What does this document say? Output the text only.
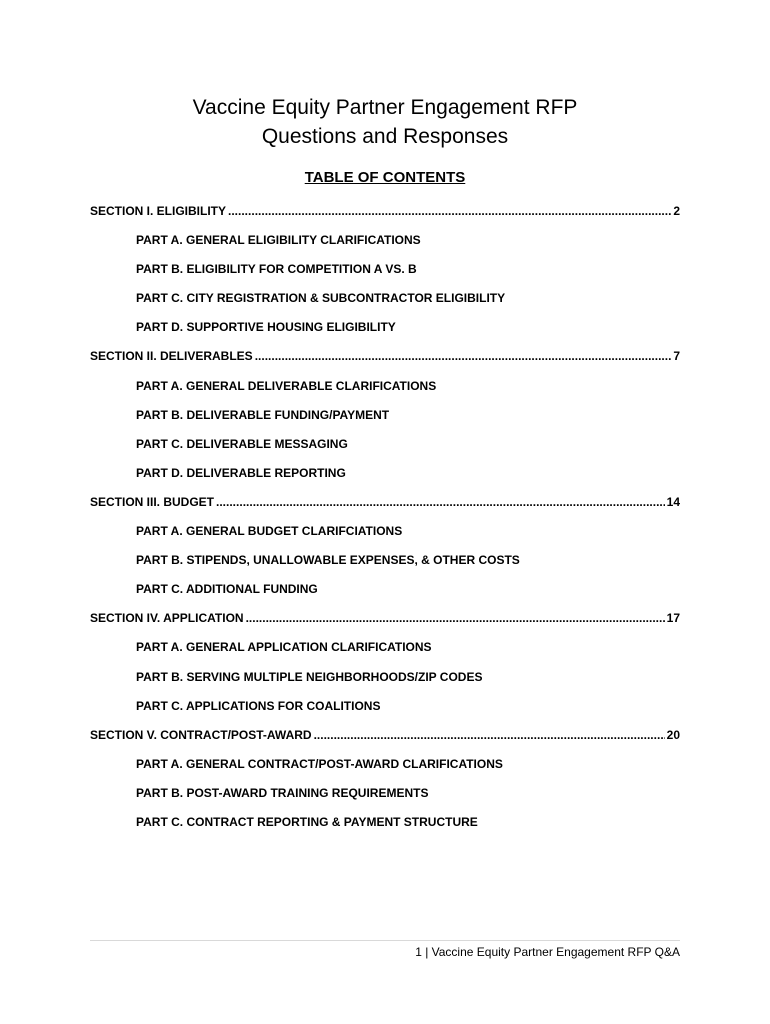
Vaccine Equity Partner Engagement RFP
Questions and Responses
TABLE OF CONTENTS
SECTION I. ELIGIBILITY .....	2
PART A. GENERAL ELIGIBILITY CLARIFICATIONS
PART B. ELIGIBILITY FOR COMPETITION A VS. B
PART C. CITY REGISTRATION & SUBCONTRACTOR ELIGIBILITY
PART D. SUPPORTIVE HOUSING ELIGIBILITY
SECTION II. DELIVERABLES .....	7
PART A. GENERAL DELIVERABLE CLARIFICATIONS
PART B. DELIVERABLE FUNDING/PAYMENT
PART C. DELIVERABLE MESSAGING
PART D. DELIVERABLE REPORTING
SECTION III. BUDGET .....	14
PART A. GENERAL BUDGET CLARIFCIATIONS
PART B. STIPENDS, UNALLOWABLE EXPENSES, & OTHER COSTS
PART C. ADDITIONAL FUNDING
SECTION IV. APPLICATION .....	17
PART A. GENERAL APPLICATION CLARIFICATIONS
PART B. SERVING MULTIPLE NEIGHBORHOODS/ZIP CODES
PART C. APPLICATIONS FOR COALITIONS
SECTION V. CONTRACT/POST-AWARD .....	20
PART A. GENERAL CONTRACT/POST-AWARD CLARIFICATIONS
PART B. POST-AWARD TRAINING REQUIREMENTS
PART C. CONTRACT REPORTING & PAYMENT STRUCTURE
1 | Vaccine Equity Partner Engagement RFP Q&A
